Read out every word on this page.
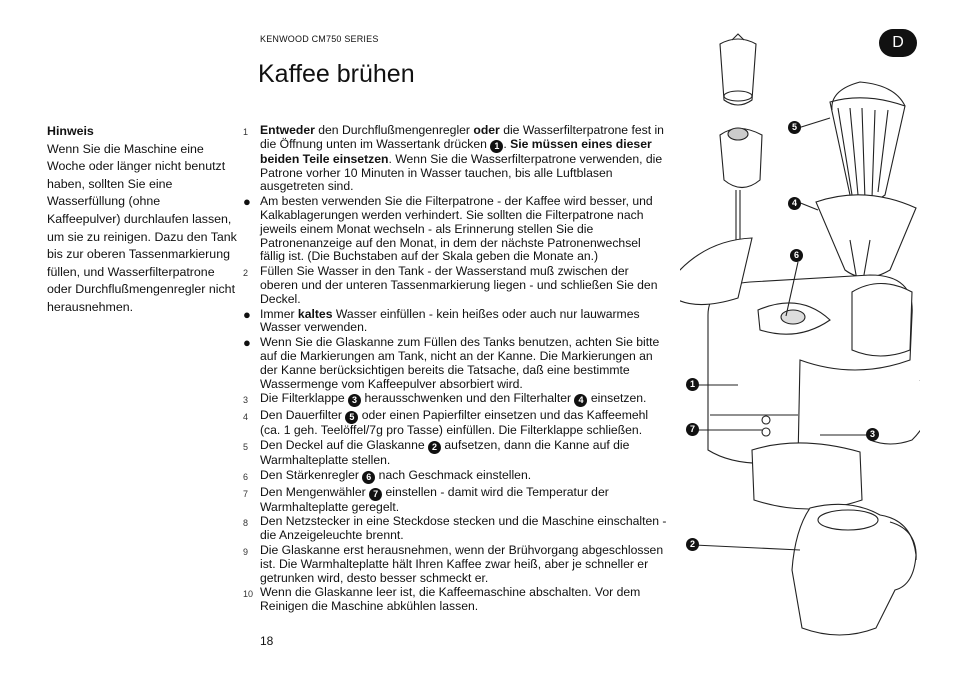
KENWOOD CM750 SERIES
Kaffee brühen
D
Hinweis
Wenn Sie die Maschine eine Woche oder länger nicht benutzt haben, sollten Sie eine Wasserfüllung (ohne Kaffeepulver) durchlaufen lassen, um sie zu reinigen. Dazu den Tank bis zur oberen Tassenmarkierung füllen, und Wasserfilterpatrone oder Durchflußmengenregler nicht herausnehmen.
1 Entweder den Durchflußmengenregler oder die Wasserfilterpatrone fest in die Öffnung unten im Wassertank drücken 1 . Sie müssen eines dieser beiden Teile einsetzen. Wenn Sie die Wasserfilterpatrone verwenden, die Patrone vorher 10 Minuten in Wasser tauchen, bis alle Luftblasen ausgetreten sind.
● Am besten verwenden Sie die Filterpatrone - der Kaffee wird besser, und Kalkablagerungen werden verhindert. Sie sollten die Filterpatrone nach jeweils einem Monat wechseln - als Erinnerung stellen Sie die Patronenanzeige auf den Monat, in dem der nächste Patronenwechsel fällig ist. (Die Buchstaben auf der Skala geben die Monate an.)
2 Füllen Sie Wasser in den Tank - der Wasserstand muß zwischen der oberen und der unteren Tassenmarkierung liegen - und schließen Sie den Deckel.
● Immer kaltes Wasser einfüllen - kein heißes oder auch nur lauwarmes Wasser verwenden.
● Wenn Sie die Glaskanne zum Füllen des Tanks benutzen, achten Sie bitte auf die Markierungen am Tank, nicht an der Kanne. Die Markierungen an der Kanne berücksichtigen bereits die Tatsache, daß eine bestimmte Wassermenge vom Kaffeepulver absorbiert wird.
3 Die Filterklappe 3 herausschwenken und den Filterhalter 4 einsetzen.
4 Den Dauerfilter 5 oder einen Papierfilter einsetzen und das Kaffeemehl (ca. 1 geh. Teelöffel/7g pro Tasse) einfüllen. Die Filterklappe schließen.
5 Den Deckel auf die Glaskanne 2 aufsetzen, dann die Kanne auf die Warmhalteplatte stellen.
6 Den Stärkenregler 6 nach Geschmack einstellen.
7 Den Mengenwähler 7 einstellen - damit wird die Temperatur der Warmhalteplatte geregelt.
8 Den Netzstecker in eine Steckdose stecken und die Maschine einschalten - die Anzeigeleuchte brennt.
9 Die Glaskanne erst herausnehmen, wenn der Brühvorgang abgeschlossen ist. Die Warmhalteplatte hält Ihren Kaffee zwar heiß, aber je schneller er getrunken wird, desto besser schmeckt er.
10 Wenn die Glaskanne leer ist, die Kaffeemaschine abschalten. Vor dem Reinigen die Maschine abkühlen lassen.
18
5
4
6
1
7	3
2
